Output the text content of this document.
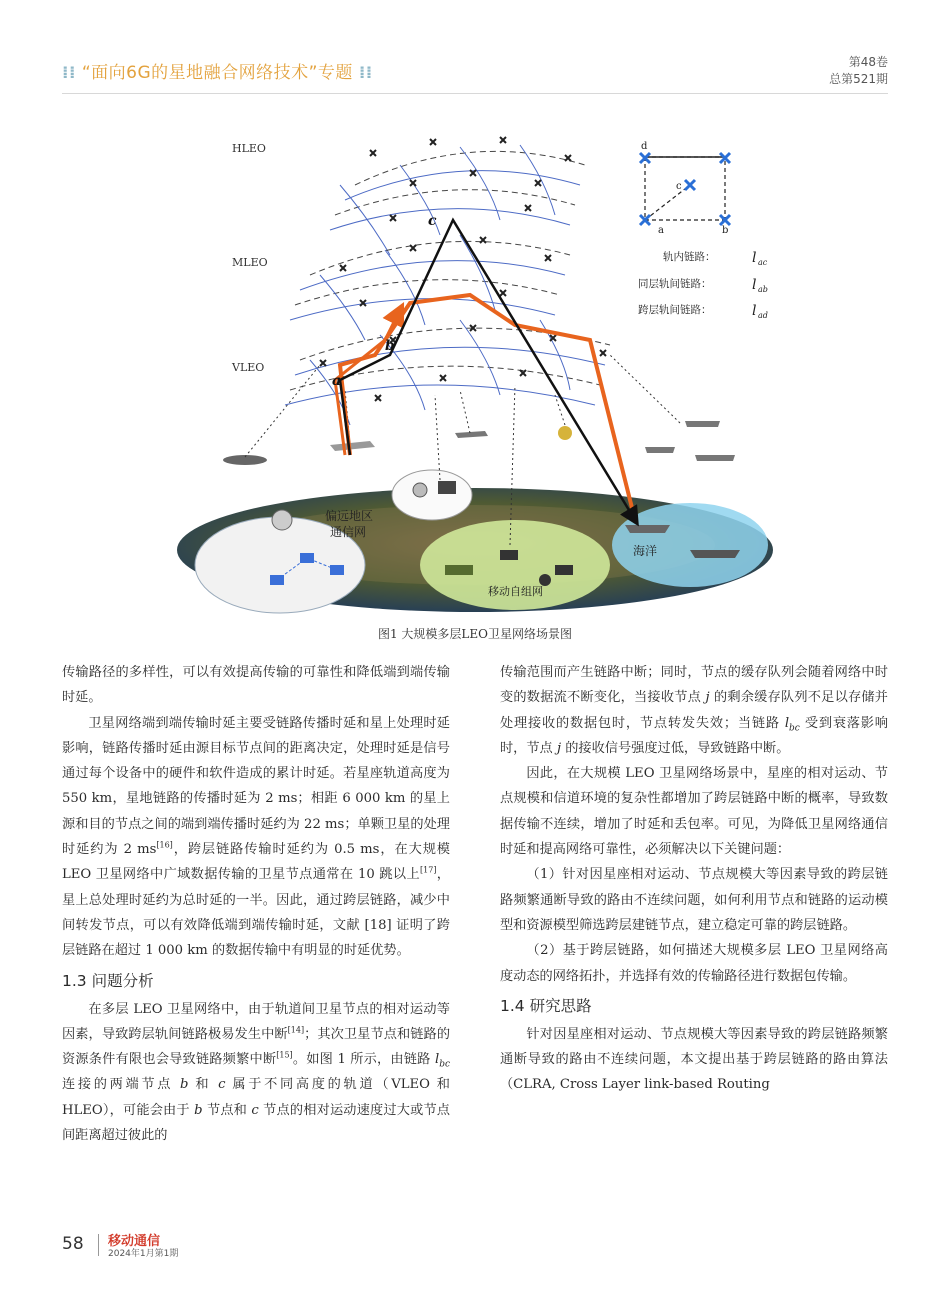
⁞⁞ “面向6G的星地融合网络技术”专题 ⁞⁞
第48卷
总第521期
偏远地区
通信网
移动自组网
海洋
HLEO
MLEO
VLEO
a
b
c
d
c
a	b
轨内链路：	l ac
同层轨间链路：	l ab
跨层轨间链路：	l ad
图1 大规模多层LEO卫星网络场景图

传输路径的多样性，可以有效提高传输的可靠性和降低端到端传输时延。

卫星网络端到端传输时延主要受链路传播时延和星上处理时延影响，链路传播时延由源目标节点间的距离决定，处理时延是信号通过每个设备中的硬件和软件造成的累计时延。若星座轨道高度为 550 km，星地链路的传播时延为 2 ms；相距 6 000 km 的星上源和目的节点之间的端到端传播时延约为 22 ms；单颗卫星的处理时延约为 2 ms[16]，跨层链路传输时延约为 0.5 ms，在大规模 LEO 卫星网络中广域数据传输的卫星节点通常在 10 跳以上[17]，星上总处理时延约为总时延的一半。因此，通过跨层链路，减少中间转发节点，可以有效降低端到端传输时延，文献 [18] 证明了跨层链路在超过 1 000 km 的数据传输中有明显的时延优势。

1.3 问题分析

在多层 LEO 卫星网络中，由于轨道间卫星节点的相对运动等因素，导致跨层轨间链路极易发生中断[14]；其次卫星节点和链路的资源条件有限也会导致链路频繁中断[15]。如图 1 所示，由链路 $l_{bc}$ 连接的两端节点 b 和 c 属于不同高度的轨道（VLEO 和 HLEO），可能会由于 b 节点和 c 节点的相对运动速度过大或节点间距离超过彼此的

传输范围而产生链路中断；同时，节点的缓存队列会随着网络中时变的数据流不断变化，当接收节点 j 的剩余缓存队列不足以存储并处理接收的数据包时，节点转发失效；当链路 $l_{bc}$ 受到衰落影响时，节点 j 的接收信号强度过低，导致链路中断。

因此，在大规模 LEO 卫星网络场景中，星座的相对运动、节点规模和信道环境的复杂性都增加了跨层链路中断的概率，导致数据传输不连续，增加了时延和丢包率。可见，为降低卫星网络通信时延和提高网络可靠性，必须解决以下关键问题：

（1）针对因星座相对运动、节点规模大等因素导致的跨层链路频繁通断导致的路由不连续问题，如何利用节点和链路的运动模型和资源模型筛选跨层建链节点，建立稳定可靠的跨层链路。

（2）基于跨层链路，如何描述大规模多层 LEO 卫星网络高度动态的网络拓扑，并选择有效的传输路径进行数据包传输。

1.4 研究思路

针对因星座相对运动、节点规模大等因素导致的跨层链路频繁通断导致的路由不连续问题，本文提出基于跨层链路的路由算法（CLRA, Cross Layer link-based Routing

58 移动通信
2024年1月第1期
